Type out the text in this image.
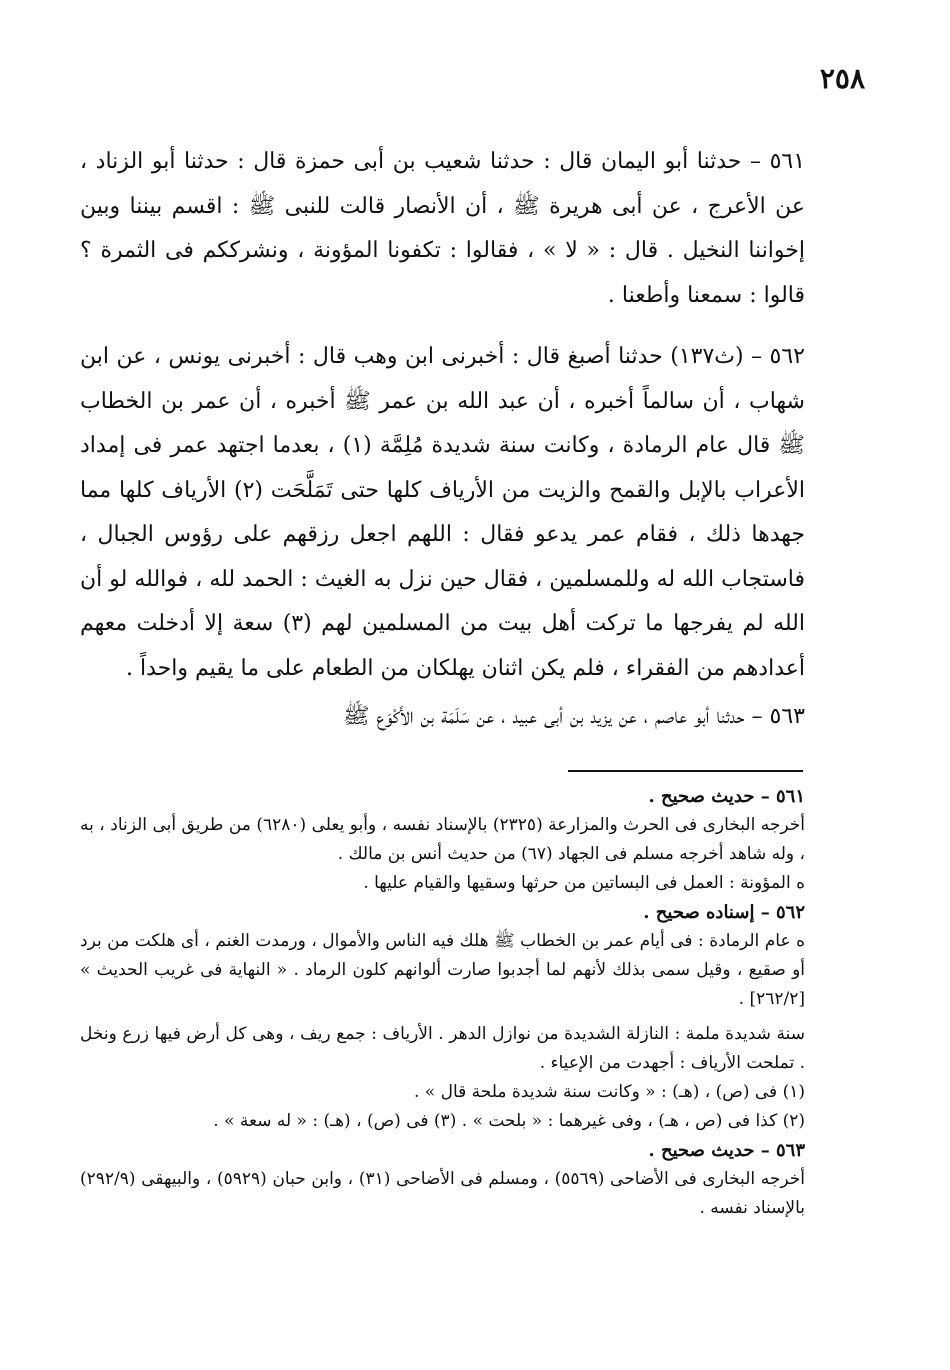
٢٥٨

٥٦١ – حدثنا أبو اليمان قال : حدثنا شعيب بن أبى حمزة قال : حدثنا أبو الزناد ، عن الأعرج ، عن أبى هريرة ﷺ ، أن الأنصار قالت للنبى ﷺ : اقسم بيننا وبين إخواننا النخيل . قال : « لا » ، فقالوا : تكفونا المؤونة ، ونشرككم فى الثمرة ؟ قالوا : سمعنا وأطعنا .

٥٦٢ – (ث١٣٧) حدثنا أصبغ قال : أخبرنى ابن وهب قال : أخبرنى يونس ، عن ابن شهاب ، أن سالماً أخبره ، أن عبد الله بن عمر ﷺ أخبره ، أن عمر بن الخطاب ﷺ قال عام الرمادة ، وكانت سنة شديدة مُلِمَّة (١) ، بعدما اجتهد عمر فى إمداد الأعراب بالإبل والقمح والزيت من الأرياف كلها حتى تَمَلَّحَت (٢) الأرياف كلها مما جهدها ذلك ، فقام عمر يدعو فقال : اللهم اجعل رزقهم على رؤوس الجبال ، فاستجاب الله له وللمسلمين ، فقال حين نزل به الغيث : الحمد لله ، فوالله لو أن الله لم يفرجها ما تركت أهل بيت من المسلمين لهم (٣) سعة إلا أدخلت معهم أعدادهم من الفقراء ، فلم يكن اثنان يهلكان من الطعام على ما يقيم واحداً .

٥٦٣ – حدثنا أبو عاصم ، عن يزيد بن أبى عبيد ، عن سَلَمَة بن الأَكْوَع ﷺ

٥٦١ – حديث صحيح .

أخرجه البخارى فى الحرث والمزارعة (٢٣٢٥) بالإسناد نفسه ، وأبو يعلى (٦٢٨٠) من طريق أبى الزناد ، به ، وله شاهد أخرجه مسلم فى الجهاد (٦٧) من حديث أنس بن مالك .

ه المؤونة : العمل فى البساتين من حرثها وسقيها والقيام عليها .

٥٦٢ – إسناده صحيح .

ه عام الرمادة : فى أيام عمر بن الخطاب ﷺ هلك فيه الناس والأموال ، ورمدت الغنم ، أى هلكت من برد أو صقيع ، وقيل سمى بذلك لأنهم لما أجدبوا صارت ألوانهم كلون الرماد . « النهاية فى غريب الحديث » [٢٦٢/٢] .

سنة شديدة ملمة : النازلة الشديدة من نوازل الدهر . الأرياف : جمع ريف ، وهى كل أرض فيها زرع ونخل . تملحت الأرياف : أجهدت من الإعياء .

(١) فى (ص) ، (هـ) : « وكانت سنة شديدة ملحة قال » .

(٢) كذا فى (ص ، هـ) ، وفى غيرهما : « بلحت » . (٣) فى (ص) ، (هـ) : « له سعة » .

٥٦٣ – حديث صحيح .

أخرجه البخارى فى الأضاحى (٥٥٦٩) ، ومسلم فى الأضاحى (٣١) ، وابن حبان (٥٩٢٩) ، والبيهقى (٢٩٢/٩) بالإسناد نفسه .
